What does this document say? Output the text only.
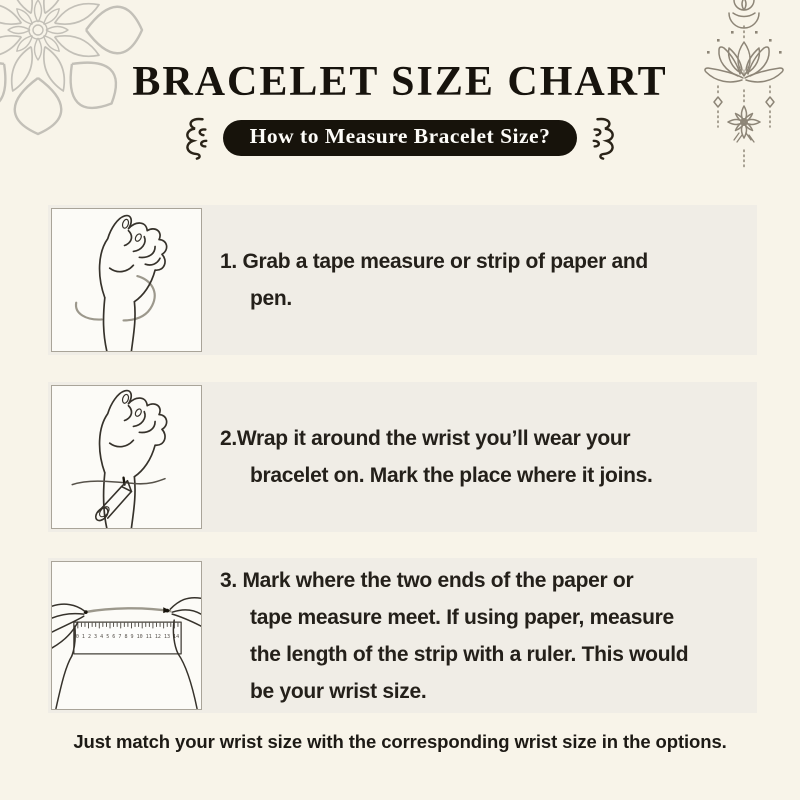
BRACELET SIZE CHART
How to Measure Bracelet Size?

1. Grab a tape measure or strip of paper and
pen.

2.Wrap it around the wrist you’ll wear your
bracelet on. Mark the place where it joins.

0 1 2 3 4 5 6 7 8 9 10 11 12 13 14

3. Mark where the two ends of the paper or
tape measure meet. If using paper, measure
the length of the strip with a ruler. This would
be your wrist size.

Just match your wrist size with the corresponding wrist size in the options.
